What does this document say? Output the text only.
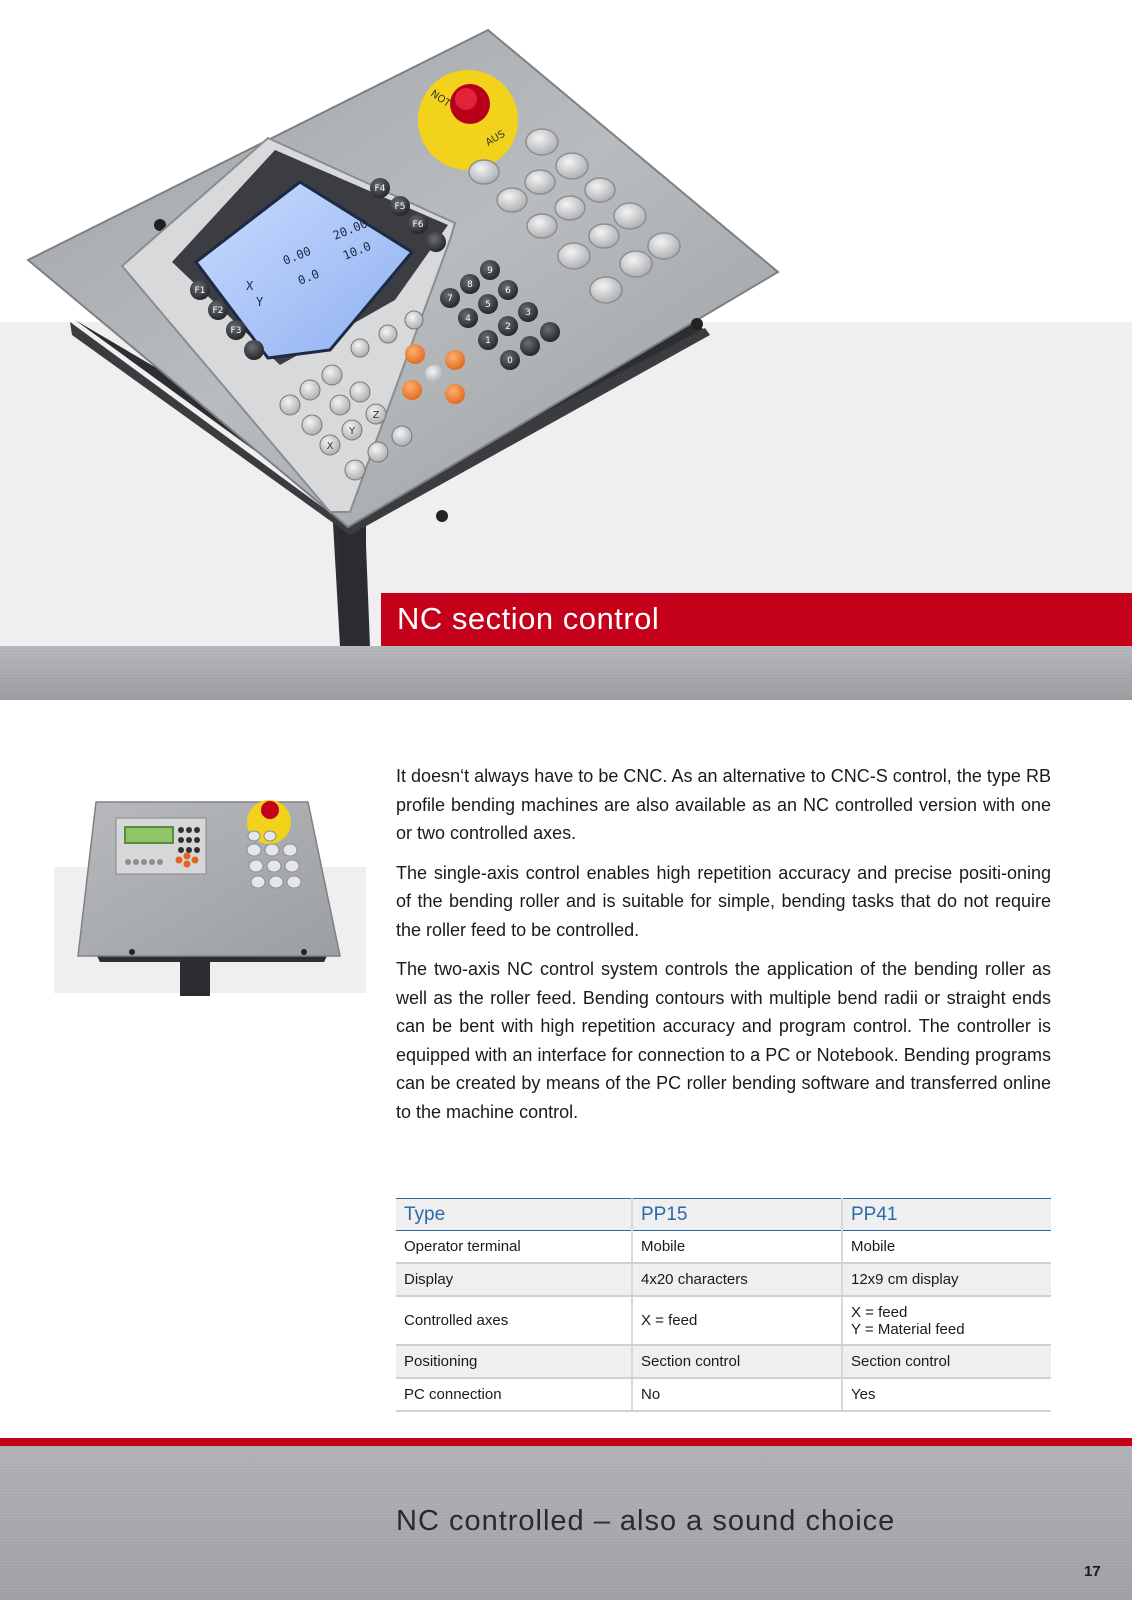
0.00
20.00
0.0
10.0
X
Y
F1
F2
F3
F4
F5
F6
7
8
9
4
5
6
1
2
3
0
X
Y
Z
NOT
AUS
NC section control

It doesn‘t always have to be CNC. As an alternative to CNC-S control, the type RB profile bending machines are also available as an NC controlled version with one or two controlled axes.

The single-axis control enables high repetition accuracy and precise positi-oning of the bending roller and is suitable for simple, bending tasks that do not require the roller feed to be controlled.

The two-axis NC control system controls the application of the bending roller as well as the roller feed. Bending contours with multiple bend radii or straight ends can be bent with high repetition accuracy and program control. The controller is equipped with an interface for connection to a PC or Notebook. Bending programs can be created by means of the PC roller bending software and transferred online to the machine control.

Type	PP15	PP41
Operator terminal	Mobile	Mobile
Display	4x20 characters	12x9 cm display
Controlled axes	X = feed	X = feed
Y = Material feed

Positioning	Section control	Section control
PC connection	No	Yes
NC controlled – also a sound choice
17
